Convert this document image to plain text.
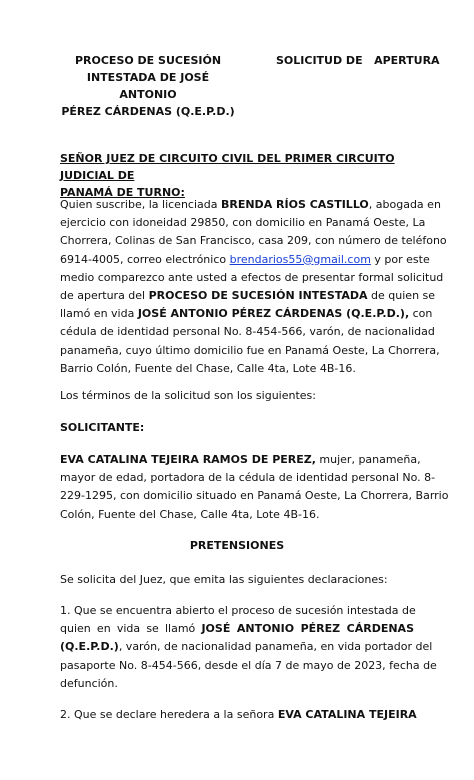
PROCESO DE SUCESIÓN
INTESTADA DE JOSÉ ANTONIO
PÉREZ CÁRDENAS (Q.E.P.D.)
SOLICITUD DE   APERTURA
SEÑOR JUEZ DE CIRCUITO CIVIL DEL PRIMER CIRCUITO JUDICIAL DE
PANAMÁ DE TURNO:
Quien suscribe, la licenciada BRENDA RÍOS CASTILLO, abogada en
ejercicio con idoneidad 29850, con domicilio en Panamá Oeste, La
Chorrera, Colinas de San Francisco, casa 209, con número de teléfono
6914-4005, correo electrónico brendarios55@gmail.com y por este
medio comparezco ante usted a efectos de presentar formal solicitud
de apertura del PROCESO DE SUCESIÓN INTESTADA de quien se
llamó en vida JOSÉ ANTONIO PÉREZ CÁRDENAS (Q.E.P.D.), con
cédula de identidad personal No. 8-454-566, varón, de nacionalidad
panameña, cuyo último domicilio fue en Panamá Oeste, La Chorrera,
Barrio Colón, Fuente del Chase, Calle 4ta, Lote 4B-16.
Los términos de la solicitud son los siguientes:
SOLICITANTE:
EVA CATALINA TEJEIRA RAMOS DE PEREZ, mujer, panameña,
mayor de edad, portadora de la cédula de identidad personal No. 8-
229-1295, con domicilio situado en Panamá Oeste, La Chorrera, Barrio
Colón, Fuente del Chase, Calle 4ta, Lote 4B-16.
PRETENSIONES
Se solicita del Juez, que emita las siguientes declaraciones:
1. Que se encuentra abierto el proceso de sucesión intestada de
quien en vida se llamó JOSÉ ANTONIO PÉREZ CÁRDENAS
(Q.E.P.D.), varón, de nacionalidad panameña, en vida portador del
pasaporte No. 8-454-566, desde el día 7 de mayo de 2023, fecha de
defunción.
2. Que se declare heredera a la señora EVA CATALINA TEJEIRA
